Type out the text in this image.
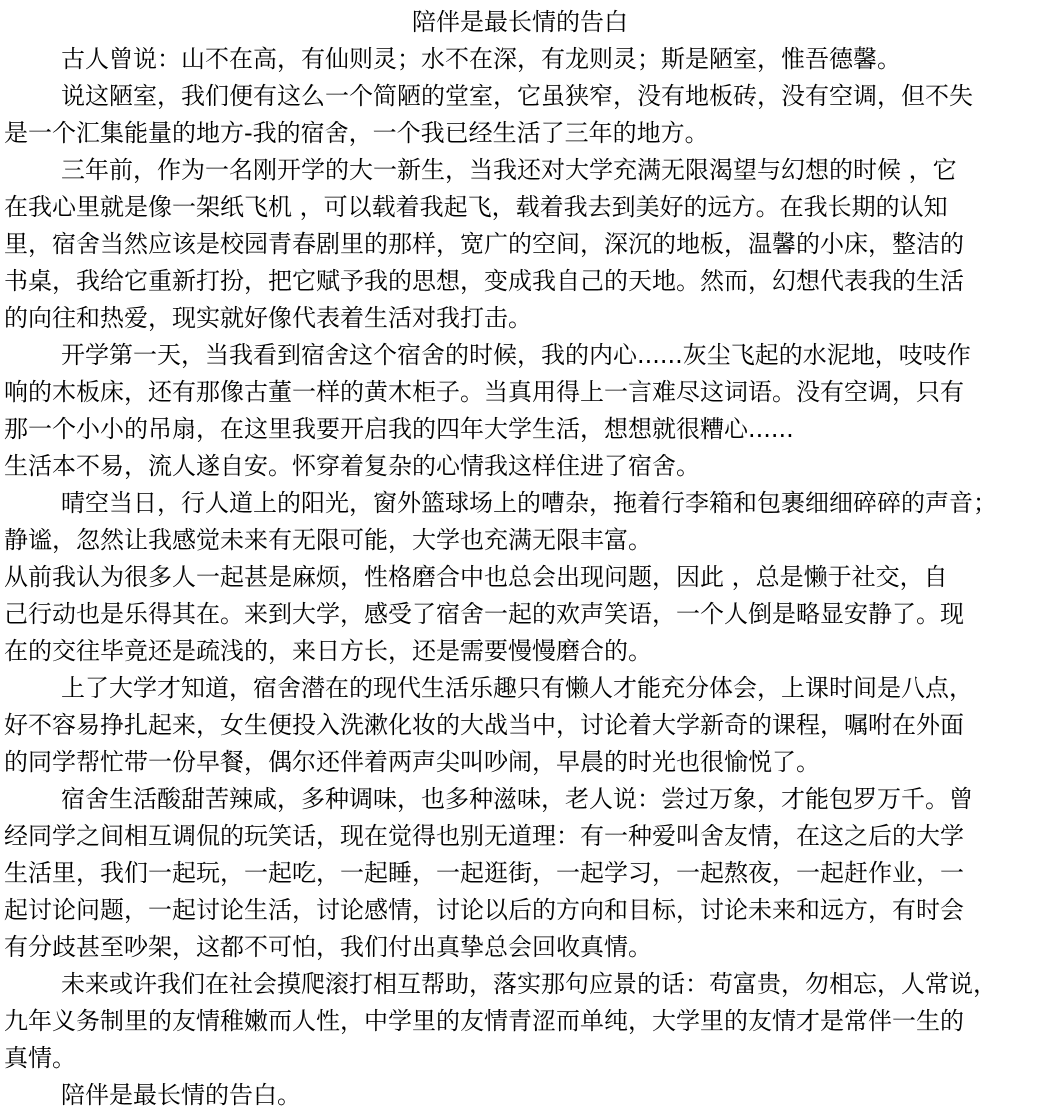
陪伴是最长情的告白
古人曾说：山不在高，有仙则灵；水不在深，有龙则灵；斯是陋室，惟吾德馨。
说这陋室，我们便有这么一个简陋的堂室，它虽狭窄，没有地板砖，没有空调，但不失
是一个汇集能量的地方-我的宿舍，一个我已经生活了三年的地方。
三年前，作为一名刚开学的大一新生，当我还对大学充满无限渴望与幻想的时候 ，它
在我心里就是像一架纸飞机 ，可以载着我起飞，载着我去到美好的远方。在我长期的认知
里，宿舍当然应该是校园青春剧里的那样，宽广的空间，深沉的地板，温馨的小床，整洁的
书桌，我给它重新打扮，把它赋予我的思想，变成我自己的天地。然而，幻想代表我的生活
的向往和热爱，现实就好像代表着生活对我打击。
开学第一天，当我看到宿舍这个宿舍的时候，我的内心......灰尘飞起的水泥地，吱吱作
响的木板床，还有那像古董一样的黄木柜子。当真用得上一言难尽这词语。没有空调，只有
那一个小小的吊扇，在这里我要开启我的四年大学生活，想想就很糟心......
生活本不易，流人遂自安。怀穿着复杂的心情我这样住进了宿舍。
晴空当日，行人道上的阳光，窗外篮球场上的嘈杂，拖着行李箱和包裹细细碎碎的声音；
静谧，忽然让我感觉未来有无限可能，大学也充满无限丰富。
从前我认为很多人一起甚是麻烦，性格磨合中也总会出现问题，因此 ，总是懒于社交，自
己行动也是乐得其在。来到大学，感受了宿舍一起的欢声笑语，一个人倒是略显安静了。现
在的交往毕竟还是疏浅的，来日方长，还是需要慢慢磨合的。
上了大学才知道，宿舍潜在的现代生活乐趣只有懒人才能充分体会，上课时间是八点，
好不容易挣扎起来，女生便投入洗漱化妆的大战当中，讨论着大学新奇的课程，嘱咐在外面
的同学帮忙带一份早餐，偶尔还伴着两声尖叫吵闹，早晨的时光也很愉悦了。
宿舍生活酸甜苦辣咸，多种调味，也多种滋味，老人说：尝过万象，才能包罗万千。曾
经同学之间相互调侃的玩笑话，现在觉得也别无道理：有一种爱叫舍友情，在这之后的大学
生活里，我们一起玩，一起吃，一起睡，一起逛街，一起学习，一起熬夜，一起赶作业，一
起讨论问题，一起讨论生活，讨论感情，讨论以后的方向和目标，讨论未来和远方，有时会
有分歧甚至吵架，这都不可怕，我们付出真挚总会回收真情。
未来或许我们在社会摸爬滚打相互帮助，落实那句应景的话：苟富贵，勿相忘，人常说，
九年义务制里的友情稚嫩而人性，中学里的友情青涩而单纯，大学里的友情才是常伴一生的
真情。
陪伴是最长情的告白。
